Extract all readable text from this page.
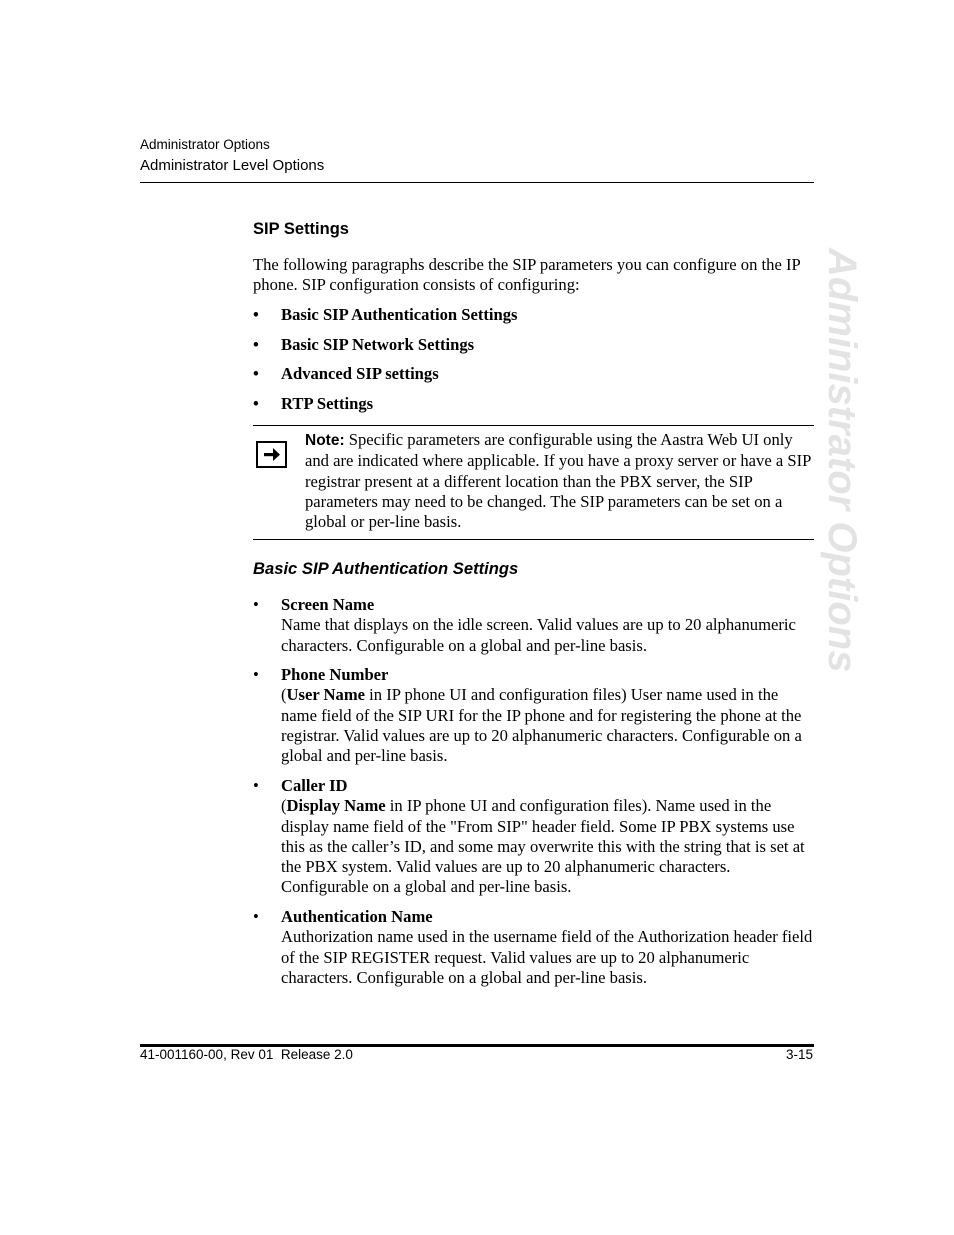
Administrator Options
Administrator Level Options
Administrator Options
SIP Settings
The following paragraphs describe the SIP parameters you can configure on the IP phone. SIP configuration consists of configuring:
• Basic SIP Authentication Settings
• Basic SIP Network Settings
• Advanced SIP settings
• RTP Settings
Note: Specific parameters are configurable using the Aastra Web UI only and are indicated where applicable. If you have a proxy server or have a SIP registrar present at a different location than the PBX server, the SIP parameters may need to be changed. The SIP parameters can be set on a global or per-line basis.
Basic SIP Authentication Settings
• Screen Name
Name that displays on the idle screen. Valid values are up to 20 alphanumeric characters. Configurable on a global and per-line basis.
• Phone Number
(User Name in IP phone UI and configuration files) User name used in the name field of the SIP URI for the IP phone and for registering the phone at the registrar. Valid values are up to 20 alphanumeric characters. Configurable on a global and per-line basis.
• Caller ID
(Display Name in IP phone UI and configuration files). Name used in the display name field of the "From SIP" header field. Some IP PBX systems use this as the caller’s ID, and some may overwrite this with the string that is set at the PBX system. Valid values are up to 20 alphanumeric characters. Configurable on a global and per-line basis.
• Authentication Name
Authorization name used in the username field of the Authorization header field of the SIP REGISTER request. Valid values are up to 20 alphanumeric characters. Configurable on a global and per-line basis.
41-001160-00, Rev 01  Release 2.0	3-15
